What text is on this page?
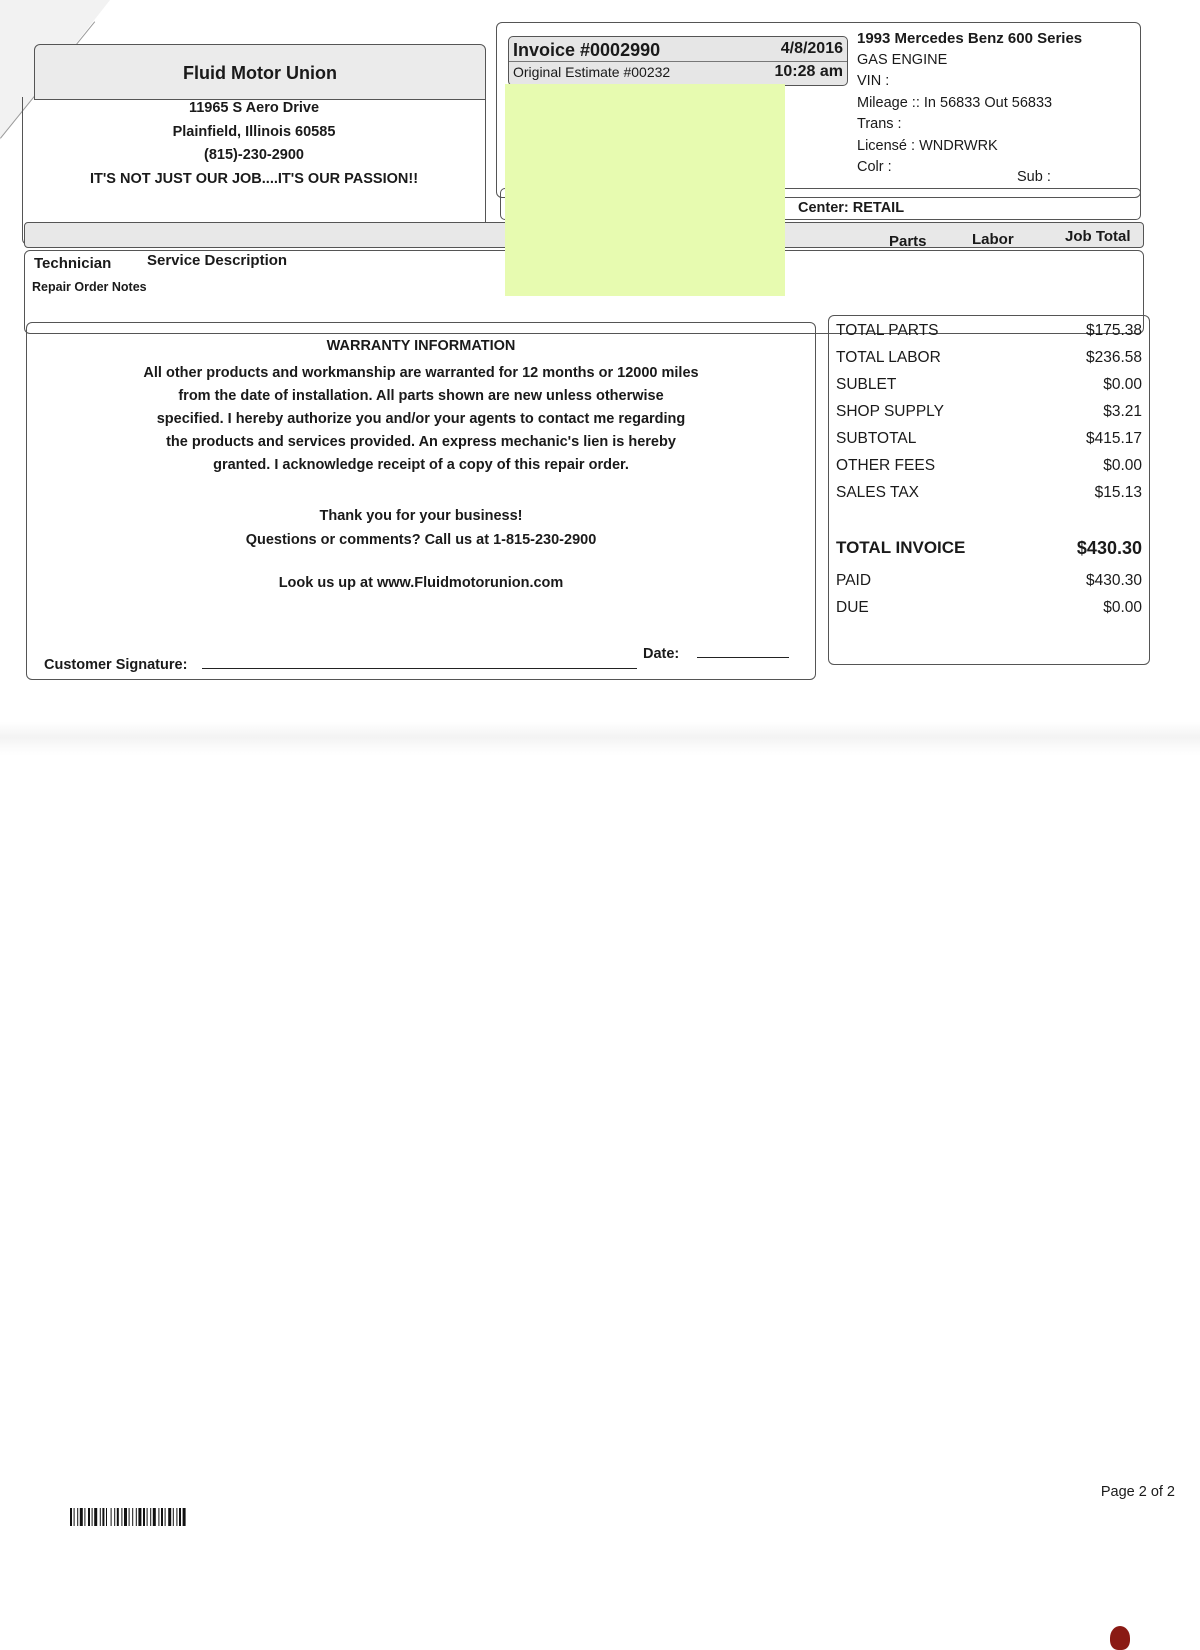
Fluid Motor Union
11965 S Aero Drive
Plainfield, Illinois 60585
(815)-230-2900
IT'S NOT JUST OUR JOB....IT'S OUR PASSION!!
Invoice #0002990
Original Estimate #00232
4/8/2016
10:28 am
1993 Mercedes Benz 600 Series
GAS ENGINE
VIN :
Mileage :: In 56833 Out 56833
Trans :
Licensé : WNDRWRK
Colr :
Sub :
Center: RETAIL
Technician Service Description
Parts	Labor	Job Total
Repair Order Notes
WARRANTY INFORMATION
All other products and workmanship are warranted for 12 months or 12000 miles
from the date of installation. All parts shown are new unless otherwise
specified. I hereby authorize you and/or your agents to contact me regarding
the products and services provided. An express mechanic's lien is hereby
granted. I acknowledge receipt of a copy of this repair order.
Thank you for your business!
Questions or comments? Call us at 1-815-230-2900
Look us up at www.Fluidmotorunion.com
Customer Signature:
Date:
TOTAL PARTS	$175.38
TOTAL LABOR	$236.58
SUBLET	$0.00
SHOP SUPPLY	$3.21
SUBTOTAL	$415.17
OTHER FEES	$0.00
SALES TAX	$15.13
TOTAL INVOICE	$430.30
PAID	$430.30
DUE	$0.00
Page 2 of 2
